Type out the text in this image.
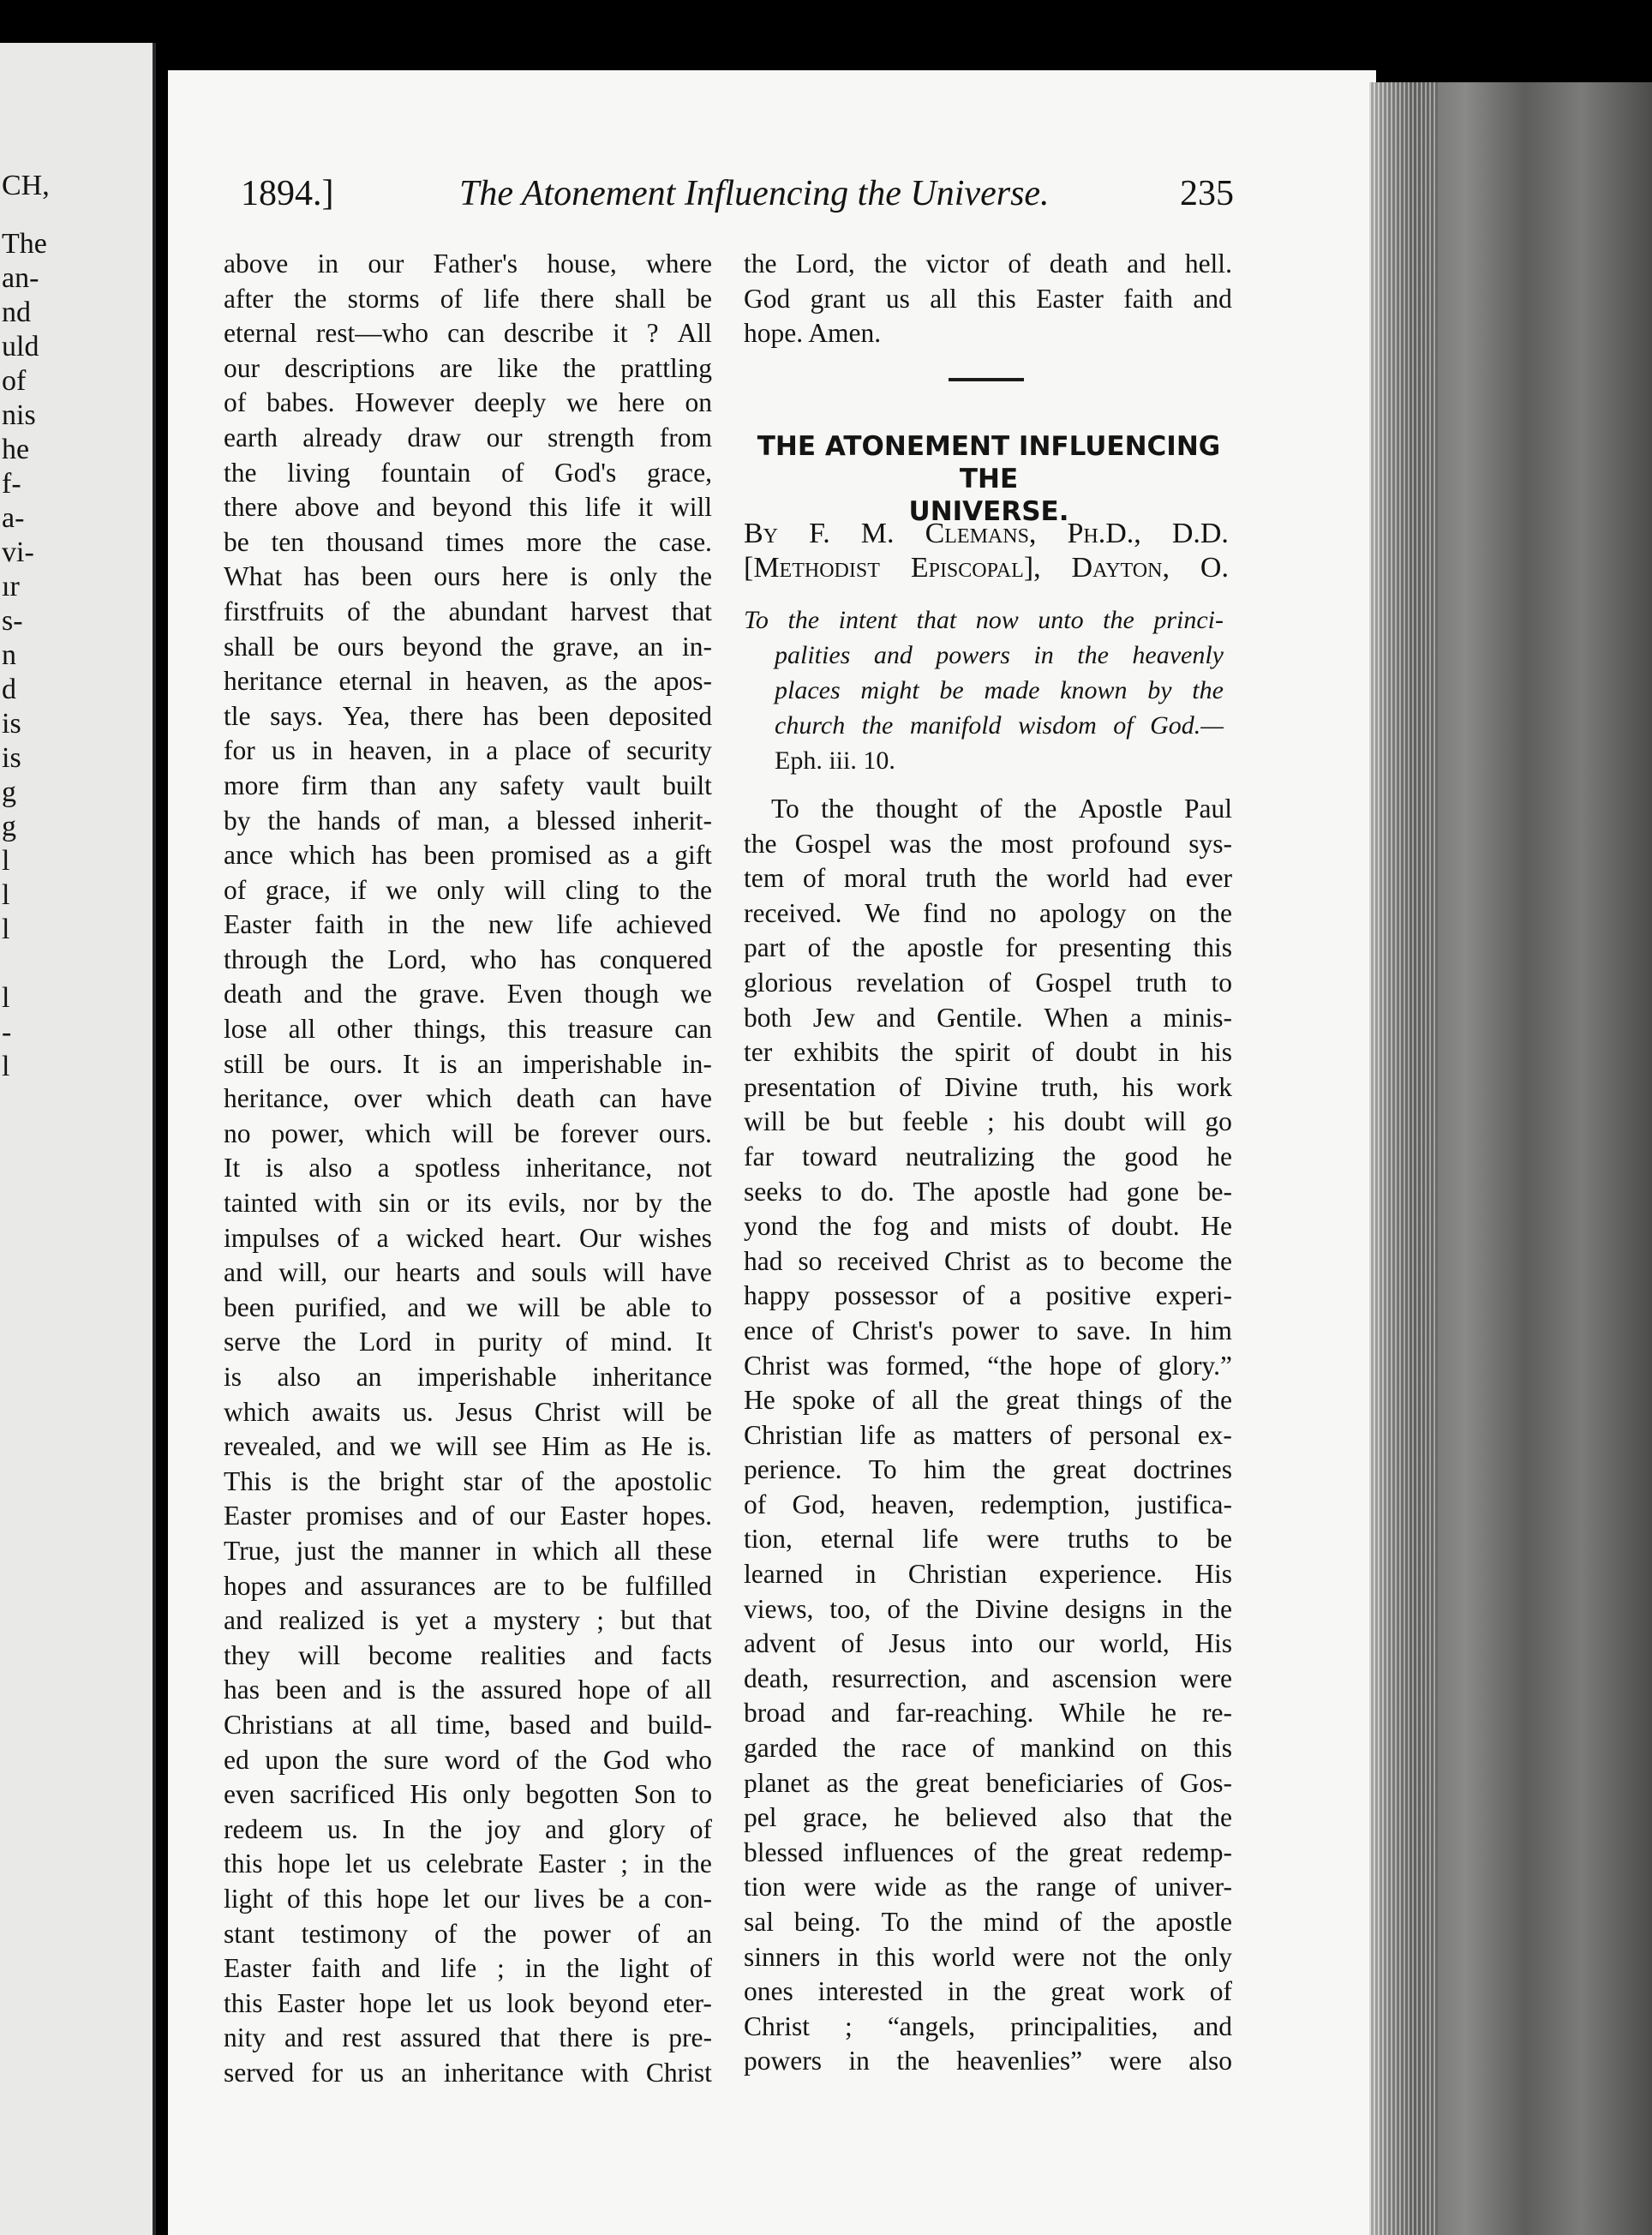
CH,
The
an-
nd
uld
of
nis
he
f-
a-
vi-
ır
s-
n
d
is
is
g
g
l
l
l
l
-
l
1894.]	The Atonement Influencing the Universe.	235
above in our Father's house, where
after the storms of life there shall be
eternal rest—who can describe it ? All
our descriptions are like the prattling
of babes. However deeply we here on
earth already draw our strength from
the living fountain of God's grace,
there above and beyond this life it will
be ten thousand times more the case.
What has been ours here is only the
firstfruits of the abundant harvest that
shall be ours beyond the grave, an in-
heritance eternal in heaven, as the apos-
tle says. Yea, there has been deposited
for us in heaven, in a place of security
more firm than any safety vault built
by the hands of man, a blessed inherit-
ance which has been promised as a gift
of grace, if we only will cling to the
Easter faith in the new life achieved
through the Lord, who has conquered
death and the grave. Even though we
lose all other things, this treasure can
still be ours. It is an imperishable in-
heritance, over which death can have
no power, which will be forever ours.
It is also a spotless inheritance, not
tainted with sin or its evils, nor by the
impulses of a wicked heart. Our wishes
and will, our hearts and souls will have
been purified, and we will be able to
serve the Lord in purity of mind. It
is also an imperishable inheritance
which awaits us. Jesus Christ will be
revealed, and we will see Him as He is.
This is the bright star of the apostolic
Easter promises and of our Easter hopes.
True, just the manner in which all these
hopes and assurances are to be fulfilled
and realized is yet a mystery ; but that
they will become realities and facts
has been and is the assured hope of all
Christians at all time, based and build-
ed upon the sure word of the God who
even sacrificed His only begotten Son to
redeem us. In the joy and glory of
this hope let us celebrate Easter ; in the
light of this hope let our lives be a con-
stant testimony of the power of an
Easter faith and life ; in the light of
this Easter hope let us look beyond eter-
nity and rest assured that there is pre-
served for us an inheritance with Christ
the Lord, the victor of death and hell.
God grant us all this Easter faith and
hope. Amen.
THE ATONEMENT INFLUENCING THE
UNIVERSE.
By F. M. Clemans, Ph.D., D.D.
[Methodist Episcopal], Dayton, O.
To the intent that now unto the princi-
palities and powers in the heavenly
places might be made known by the
church the manifold wisdom of God.—
Eph. iii. 10.
To the thought of the Apostle Paul
the Gospel was the most profound sys-
tem of moral truth the world had ever
received. We find no apology on the
part of the apostle for presenting this
glorious revelation of Gospel truth to
both Jew and Gentile. When a minis-
ter exhibits the spirit of doubt in his
presentation of Divine truth, his work
will be but feeble ; his doubt will go
far toward neutralizing the good he
seeks to do. The apostle had gone be-
yond the fog and mists of doubt. He
had so received Christ as to become the
happy possessor of a positive experi-
ence of Christ's power to save. In him
Christ was formed, “the hope of glory.”
He spoke of all the great things of the
Christian life as matters of personal ex-
perience. To him the great doctrines
of God, heaven, redemption, justifica-
tion, eternal life were truths to be
learned in Christian experience. His
views, too, of the Divine designs in the
advent of Jesus into our world, His
death, resurrection, and ascension were
broad and far-reaching. While he re-
garded the race of mankind on this
planet as the great beneficiaries of Gos-
pel grace, he believed also that the
blessed influences of the great redemp-
tion were wide as the range of univer-
sal being. To the mind of the apostle
sinners in this world were not the only
ones interested in the great work of
Christ ; “angels, principalities, and
powers in the heavenlies” were also
